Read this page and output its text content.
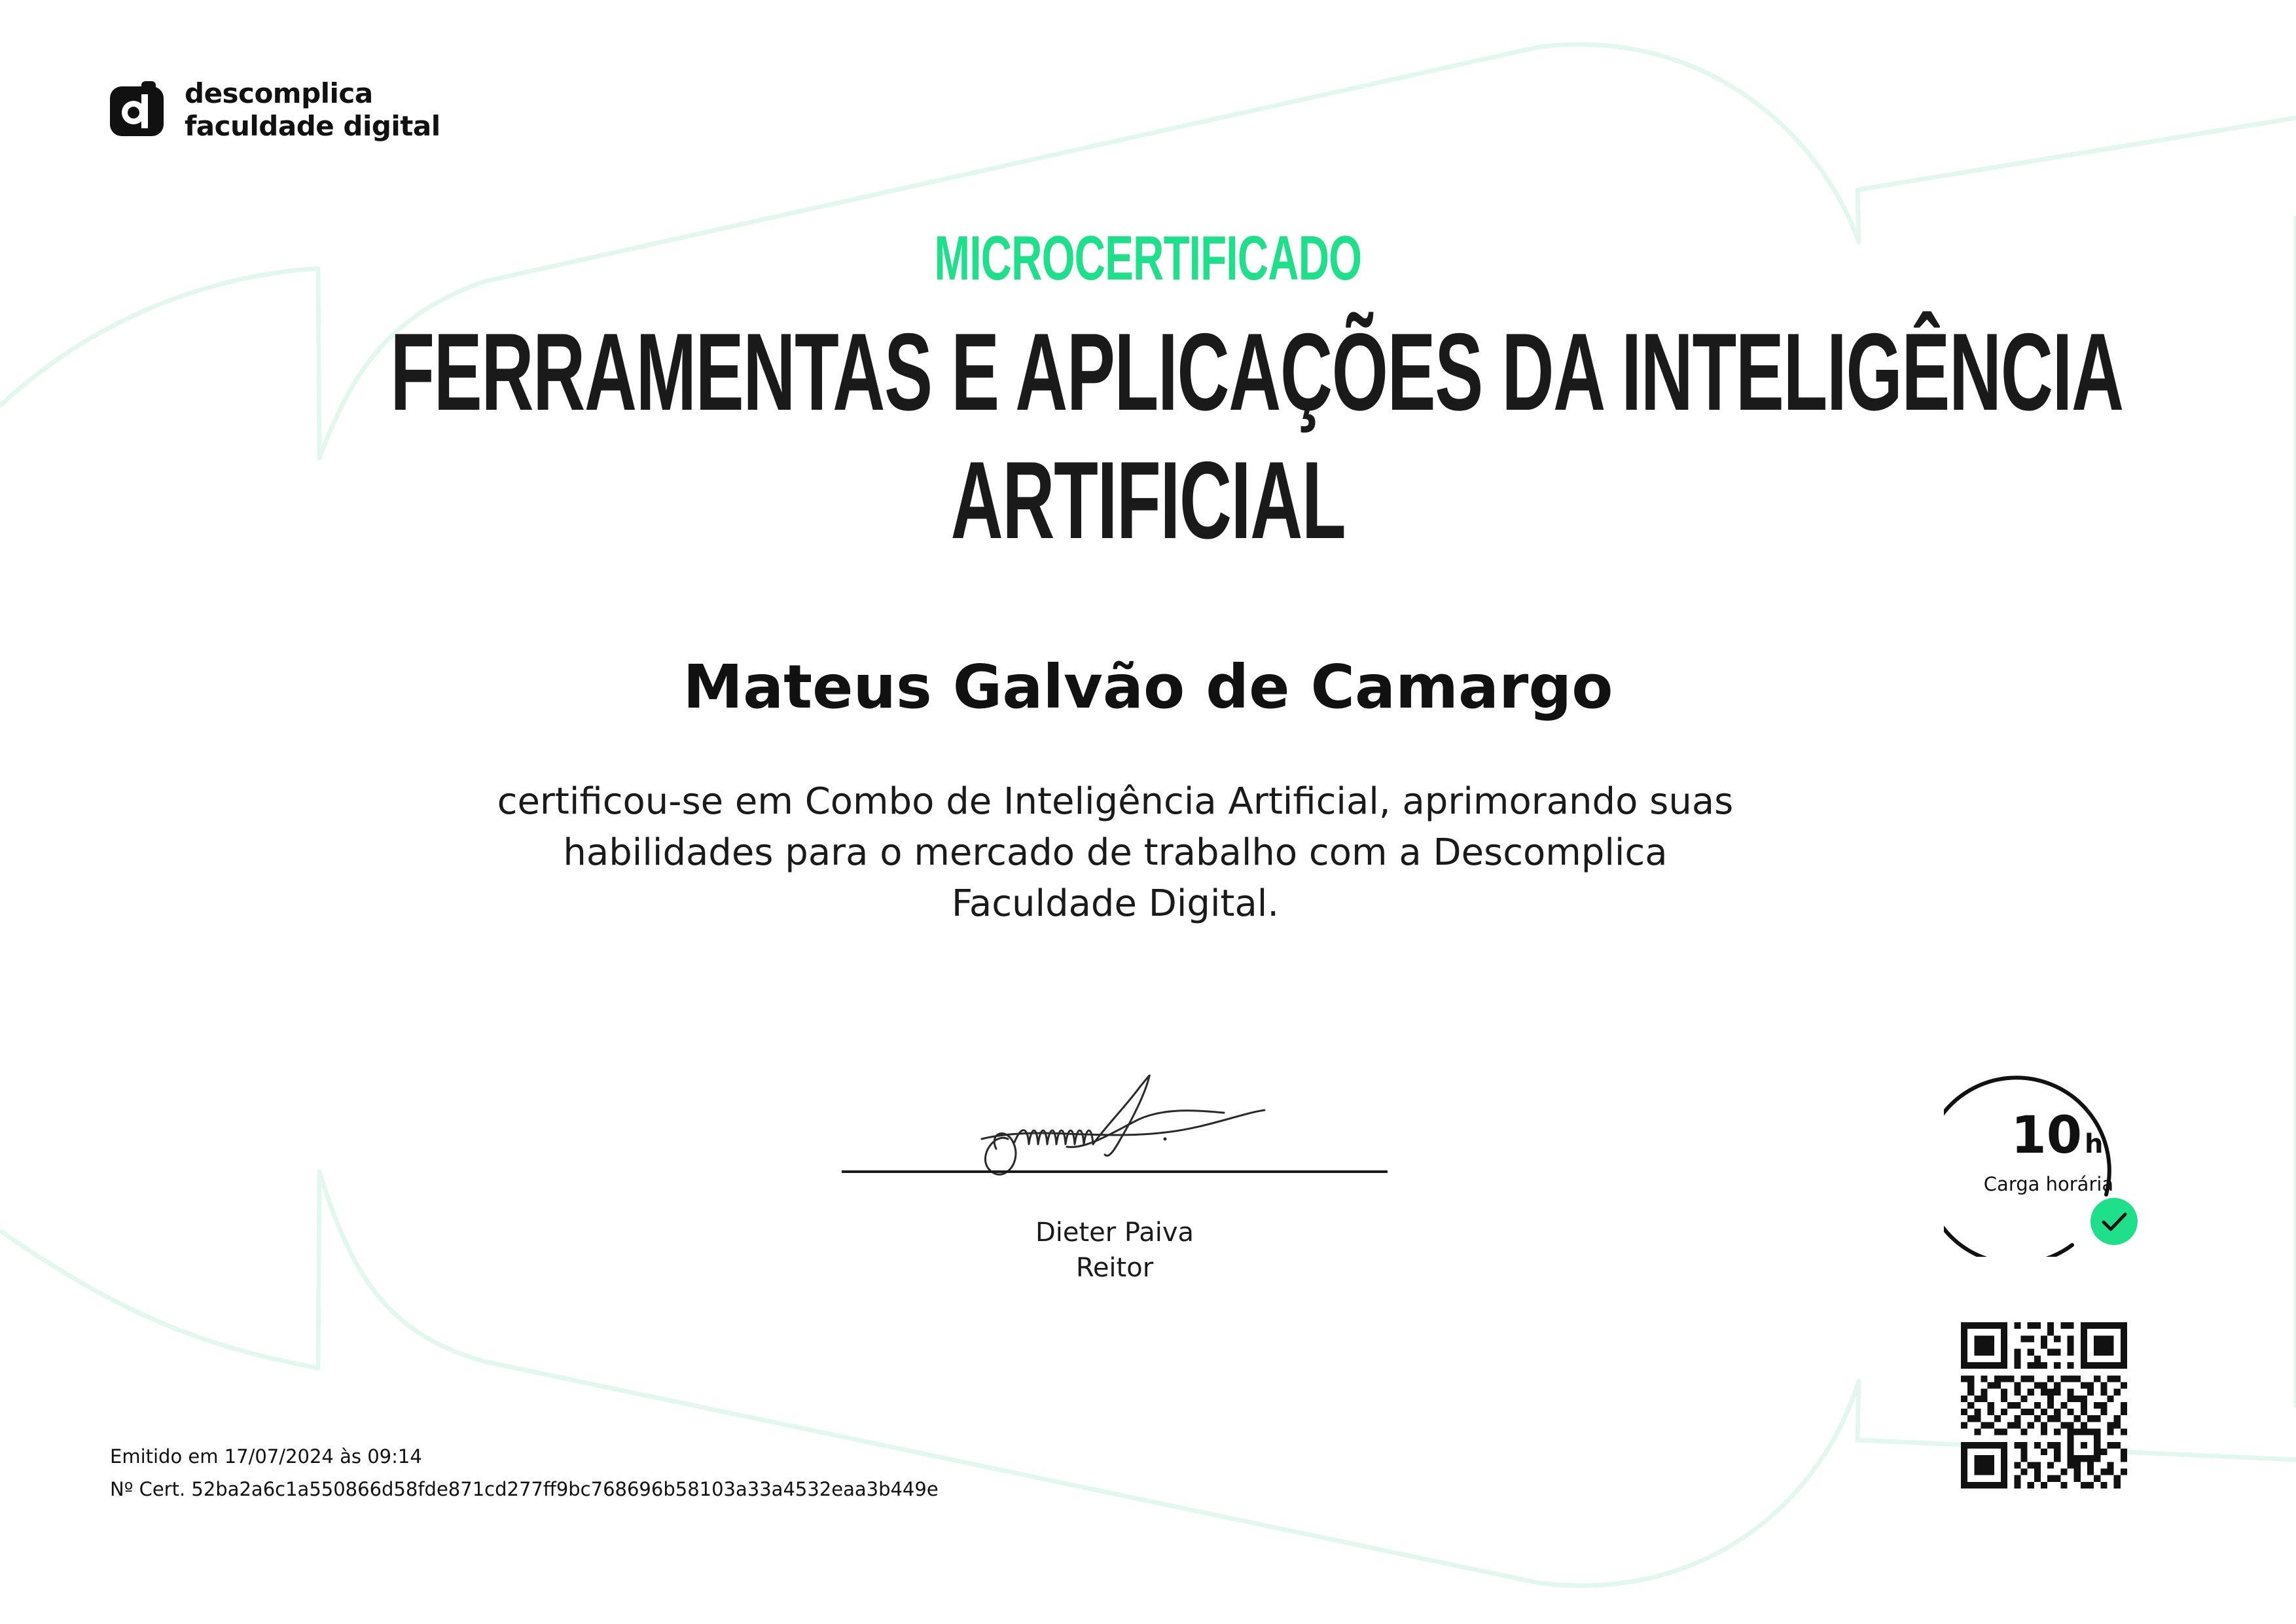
descomplica
faculdade digital
MICROCERTIFICADO
FERRAMENTAS E APLICAÇÕES DA INTELIGÊNCIA
ARTIFICIAL
Mateus Galvão de Camargo
certificou-se em Combo de Inteligência Artificial, aprimorando suas
habilidades para o mercado de trabalho com a Descomplica
Faculdade Digital.
Dieter Paiva
Reitor
10 h
Carga horária
Emitido em 17/07/2024 às 09:14
Nº Cert. 52ba2a6c1a550866d58fde871cd277ff9bc768696b58103a33a4532eaa3b449e
